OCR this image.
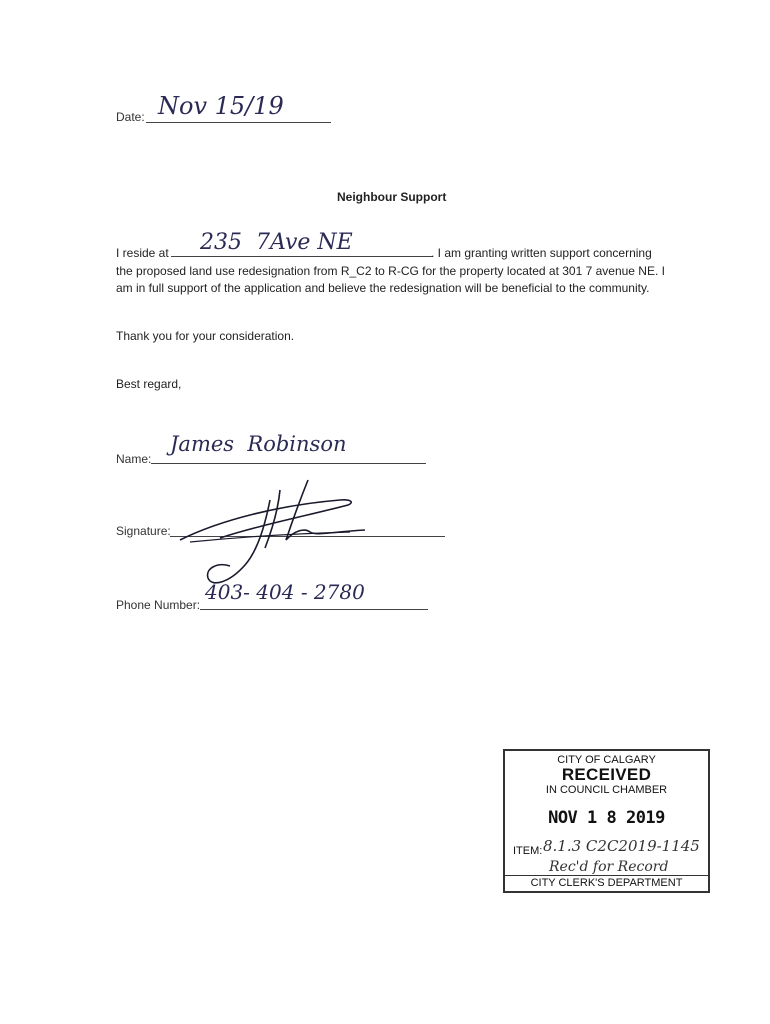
Date: Nov 15/19
Neighbour Support
I reside at 235  7Ave NE	. I am granting written support concerning
the proposed land use redesignation from R_C2 to R-CG for the property located at 301 7 avenue NE. I
am in full support of the application and believe the redesignation will be beneficial to the community.
Thank you for your consideration.
Best regard,
Name:
James  Robinson
Signature:
Phone Number:
403- 404 - 2780
CITY OF CALGARY
RECEIVED
IN COUNCIL CHAMBER
NOV 1 8 2019
ITEM: 8.1.3 C2C2019-1145
Rec'd for Record
CITY CLERK'S DEPARTMENT
